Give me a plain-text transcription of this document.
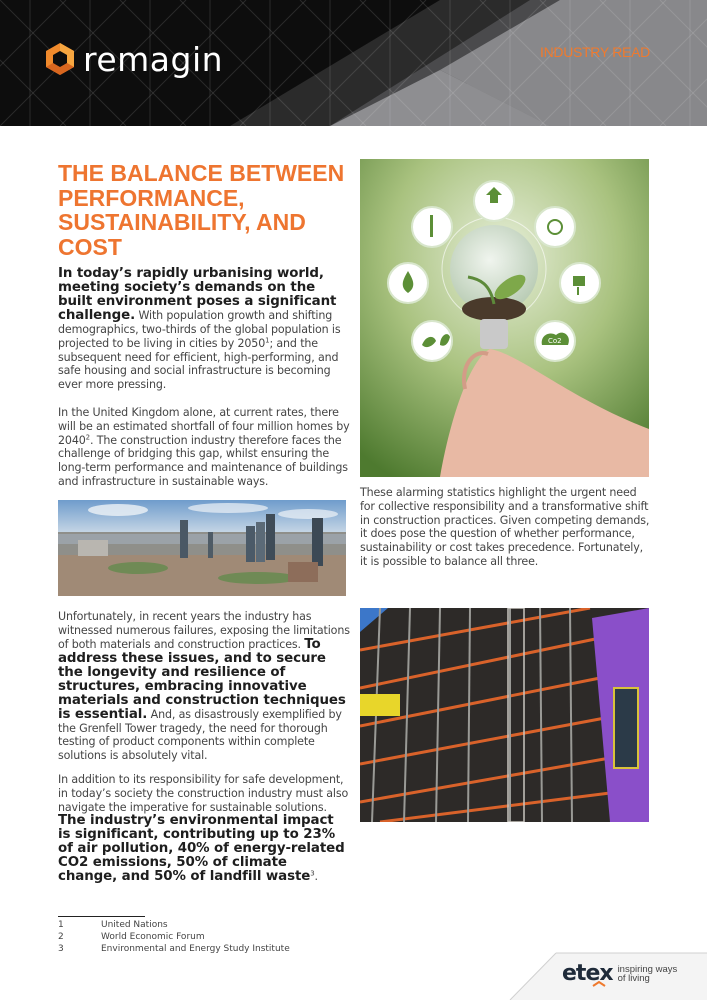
remagin	INDUSTRY READ
THE BALANCE BETWEEN PERFORMANCE, SUSTAINABILITY, AND COST

In today’s rapidly urbanising world, meeting society’s demands on the built environment poses a significant challenge. With population growth and shifting demographics, two-thirds of the global population is projected to be living in cities by 2050$^1$; and the subsequent need for efficient, high-performing, and safe housing and social infrastructure is becoming ever more pressing.

In the United Kingdom alone, at current rates, there will be an estimated shortfall of four million homes by 2040$^2$. The construction industry therefore faces the challenge of bridging this gap, whilst ensuring the long-term performance and maintenance of buildings and infrastructure in sustainable ways.

Co2

These alarming statistics highlight the urgent need for collective responsibility and a transformative shift in construction practices. Given competing demands, it does pose the question of whether performance, sustainability or cost takes precedence. Fortunately, it is possible to balance all three.

Unfortunately, in recent years the industry has witnessed numerous failures, exposing the limitations of both materials and construction practices. To address these issues, and to secure the longevity and resilience of structures, embracing innovative materials and construction techniques is essential. And, as disastrously exemplified by the Grenfell Tower tragedy, the need for thorough testing of product components within complete solutions is absolutely vital.

In addition to its responsibility for safe development, in today’s society the construction industry must also navigate the imperative for sustainable solutions. The industry’s environmental impact is significant, contributing up to 23% of air pollution, 40% of energy-related CO2 emissions, 50% of climate change, and 50% of landfill waste$^3$.

1	United Nations
2	World Economic Forum
3	Environmental and Energy Study Institute
etex inspiring ways
of living
